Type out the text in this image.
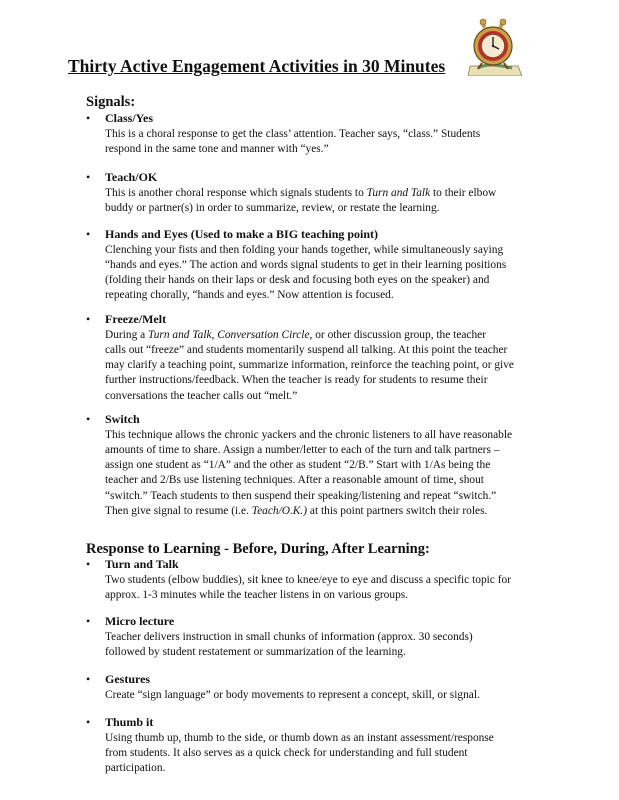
Thirty Active Engagement Activities in 30 Minutes
Signals:
• Class/Yes
This is a choral response to get the class’ attention. Teacher says, “class.” Students
respond in the same tone and manner with “yes.”
• Teach/OK
This is another choral response which signals students to Turn and Talk to their elbow
buddy or partner(s) in order to summarize, review, or restate the learning.
• Hands and Eyes (Used to make a BIG teaching point)
Clenching your fists and then folding your hands together, while simultaneously saying
“hands and eyes.” The action and words signal students to get in their learning positions
(folding their hands on their laps or desk and focusing both eyes on the speaker) and
repeating chorally, “hands and eyes.” Now attention is focused.
• Freeze/Melt
During a Turn and Talk, Conversation Circle, or other discussion group, the teacher
calls out “freeze” and students momentarily suspend all talking. At this point the teacher
may clarify a teaching point, summarize information, reinforce the teaching point, or give
further instructions/feedback. When the teacher is ready for students to resume their
conversations the teacher calls out “melt.”
• Switch
This technique allows the chronic yackers and the chronic listeners to all have reasonable
amounts of time to share. Assign a number/letter to each of the turn and talk partners –
assign one student as “1/A” and the other as student “2/B.” Start with 1/As being the
teacher and 2/Bs use listening techniques. After a reasonable amount of time, shout
“switch.” Teach students to then suspend their speaking/listening and repeat “switch.”
Then give signal to resume (i.e. Teach/O.K.) at this point partners switch their roles.
Response to Learning - Before, During, After Learning:
• Turn and Talk
Two students (elbow buddies), sit knee to knee/eye to eye and discuss a specific topic for
approx. 1-3 minutes while the teacher listens in on various groups.
• Micro lecture
Teacher delivers instruction in small chunks of information (approx. 30 seconds)
followed by student restatement or summarization of the learning.
• Gestures
Create “sign language” or body movements to represent a concept, skill, or signal.
• Thumb it
Using thumb up, thumb to the side, or thumb down as an instant assessment/response
from students. It also serves as a quick check for understanding and full student
participation.
